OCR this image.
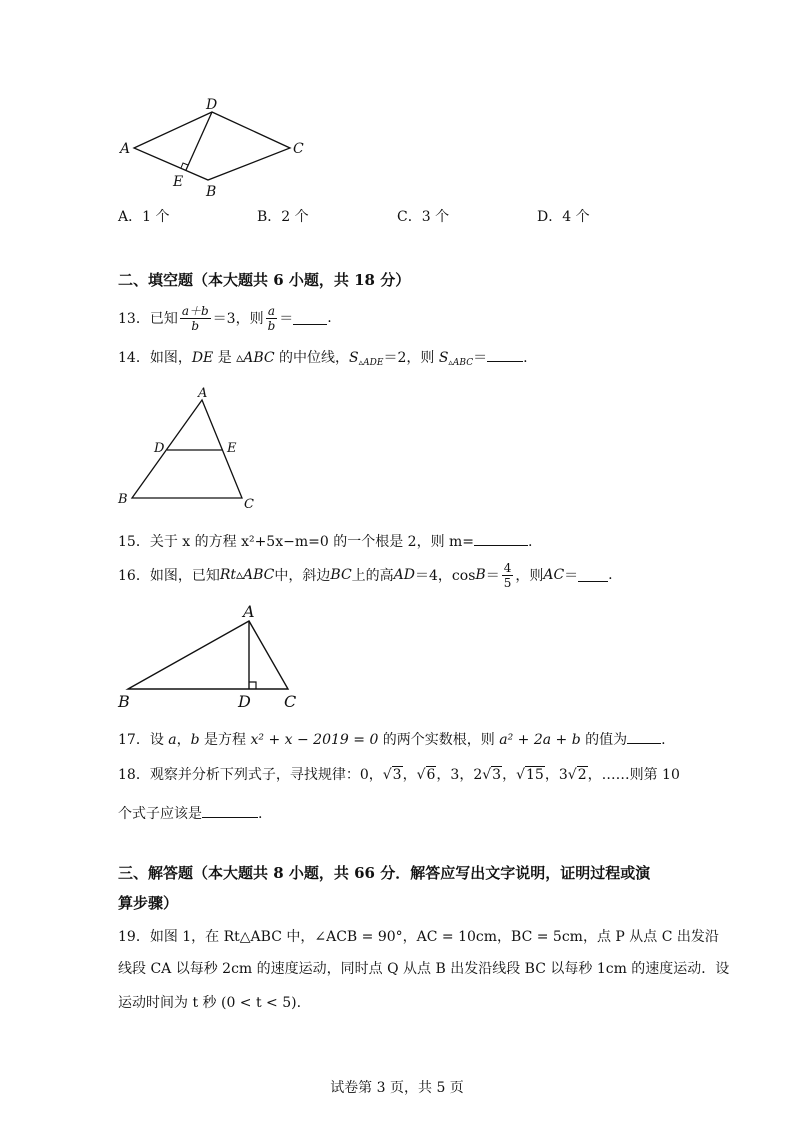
D
A	C
E
B
A．1 个	B．2 个	C．3 个	D．4 个
二、填空题（本大题共 6 小题，共 18 分）
13． 已知 $\frac{a+b}{b} =3$，则 $\frac{a}{b}$ ＝ .
14．如图，DE 是 ▵ABC 的中位线，$S_{▵ADE}=2$，则 $S_{▵ABC}=$	.
A
D	E
B	C
15．关于 x 的方程 x²+5x−m=0 的一个根是 2，则 m=	.
16． 如图，已知 Rt▵ABC 中，斜边 BC 上的高 AD ＝4，$\cos B = \frac{4}{5}$ ，则 AC ＝ .
A
B	D C
17．设 a，b 是方程 x² + x − 2019 = 0 的两个实数根，则 a² + 2a + b 的值为 .
18．观察并分析下列式子，寻找规律：0，√3，√6，3，2√3，√15，3√2，……则第 10
个式子应该是	.
三、解答题（本大题共 8 小题，共 66 分．解答应写出文字说明，证明过程或演
算步骤）
19．如图 1，在 Rt△ABC 中，∠ACB = 90°，AC = 10cm，BC = 5cm，点 P 从点 C 出发沿
线段 CA 以每秒 2cm 的速度运动，同时点 Q 从点 B 出发沿线段 BC 以每秒 1cm 的速度运动．设
运动时间为 t 秒 (0 < t < 5).
试卷第 3 页，共 5 页
